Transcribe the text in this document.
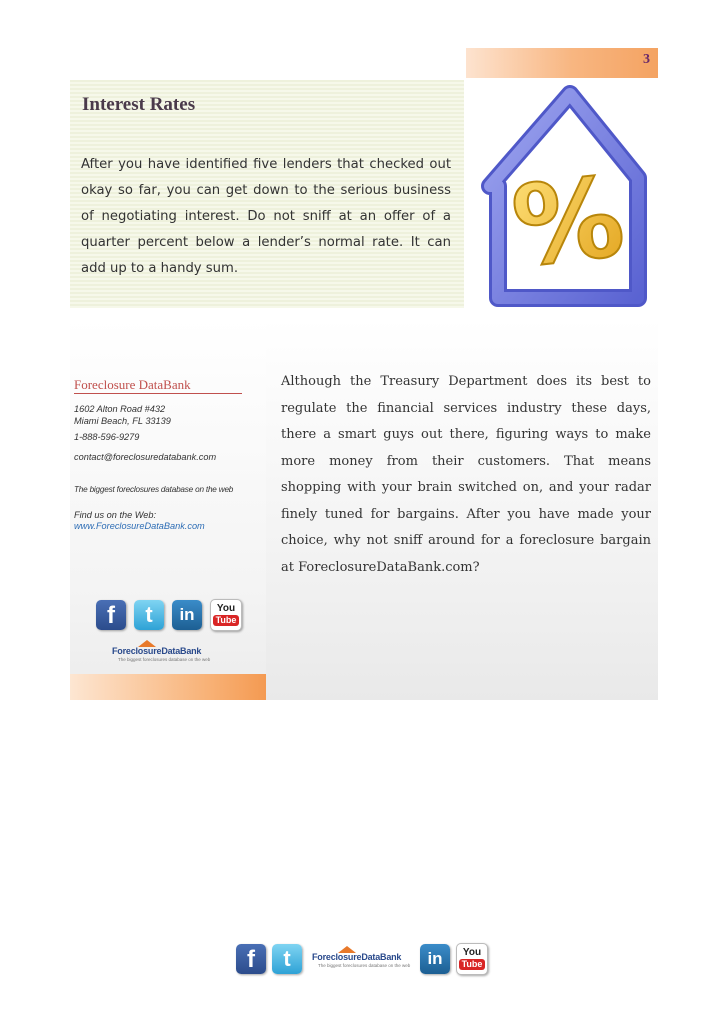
3
Interest Rates
After you have identified five lenders that checked out okay so far, you can get down to the serious business of negotiating interest. Do not sniff at an offer of a quarter percent below a lender’s normal rate. It can add up to a handy sum.	%
Foreclosure DataBank
1602 Alton Road #432
Miami Beach, FL 33139
1-888-596-9279
contact@foreclosuredatabank.com
The biggest foreclosures database on the web
Find us on the Web:
www.ForeclosureDataBank.com
f	t	in	You
Tube
ForeclosureDataBank
The biggest foreclosures database on the web
Although the Treasury Department does its best to regulate the financial services industry these days, there a smart guys out there, figuring ways to make more money from their customers. That means shopping with your brain switched on, and your radar finely tuned for bargains. After you have made your choice, why not sniff around for a foreclosure bargain at ForeclosureDataBank.com?
f	t	ForeclosureDataBank
The biggest foreclosures database on the web	in	You
Tube
